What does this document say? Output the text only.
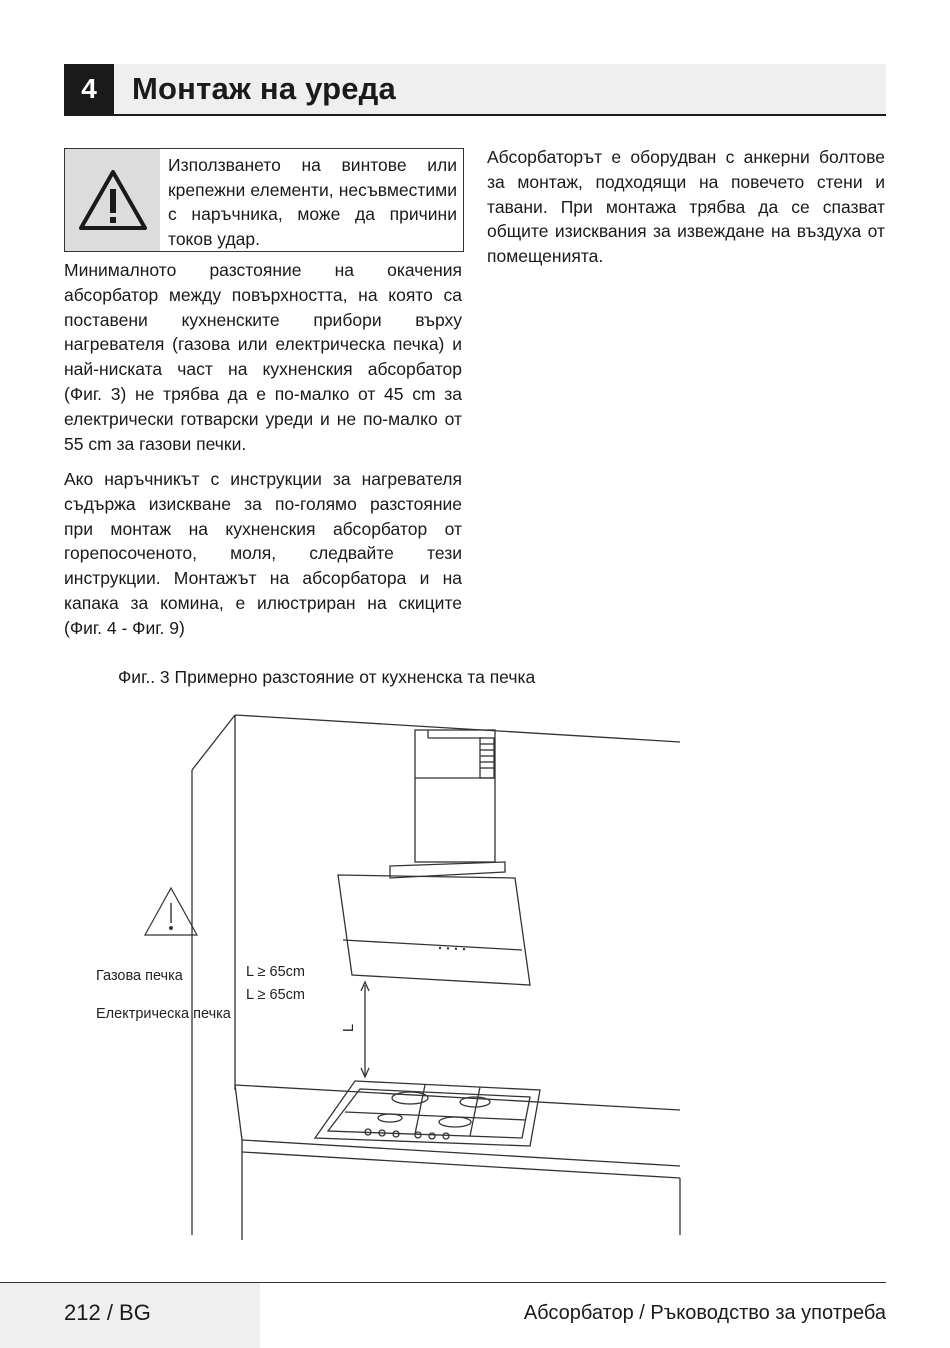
4	Монтаж на уреда
Използването на винтове или крепежни елементи, несъвместими с наръчника, може да причини токов удар.
Минималното разстояние на окачения абсорбатор между повърхността, на която са поставени кухненските прибори върху нагревателя (газова или електрическа печка) и най-ниската част на кухненския абсорбатор (Фиг. 3) не трябва да е по-малко от 45 cm за електрически готварски уреди и не по-малко от 55 cm за газови печки.
Ако наръчникът с инструкции за нагревателя съдържа изискване за по-голямо разстояние при монтаж на кухненския абсорбатор от горепосоченото, моля, следвайте тези инструкции. Монтажът на абсорбатора и на капака за комина, е илюстриран на скиците (Фиг. 4 - Фиг. 9)
Абсорбаторът е оборудван с анкерни болтове за монтаж, подходящи на повечето стени и тавани. При монтажа трябва да се спазват общите изисквания за извеждане на въздуха от помещенията.
Фиг.. 3 Примерно разстояние от кухненска та печка
Газова печка	L ≥ 65cm
L ≥ 65cm
Електрическа печка
L
212 / BG	Абсорбатор / Ръководство за употреба
